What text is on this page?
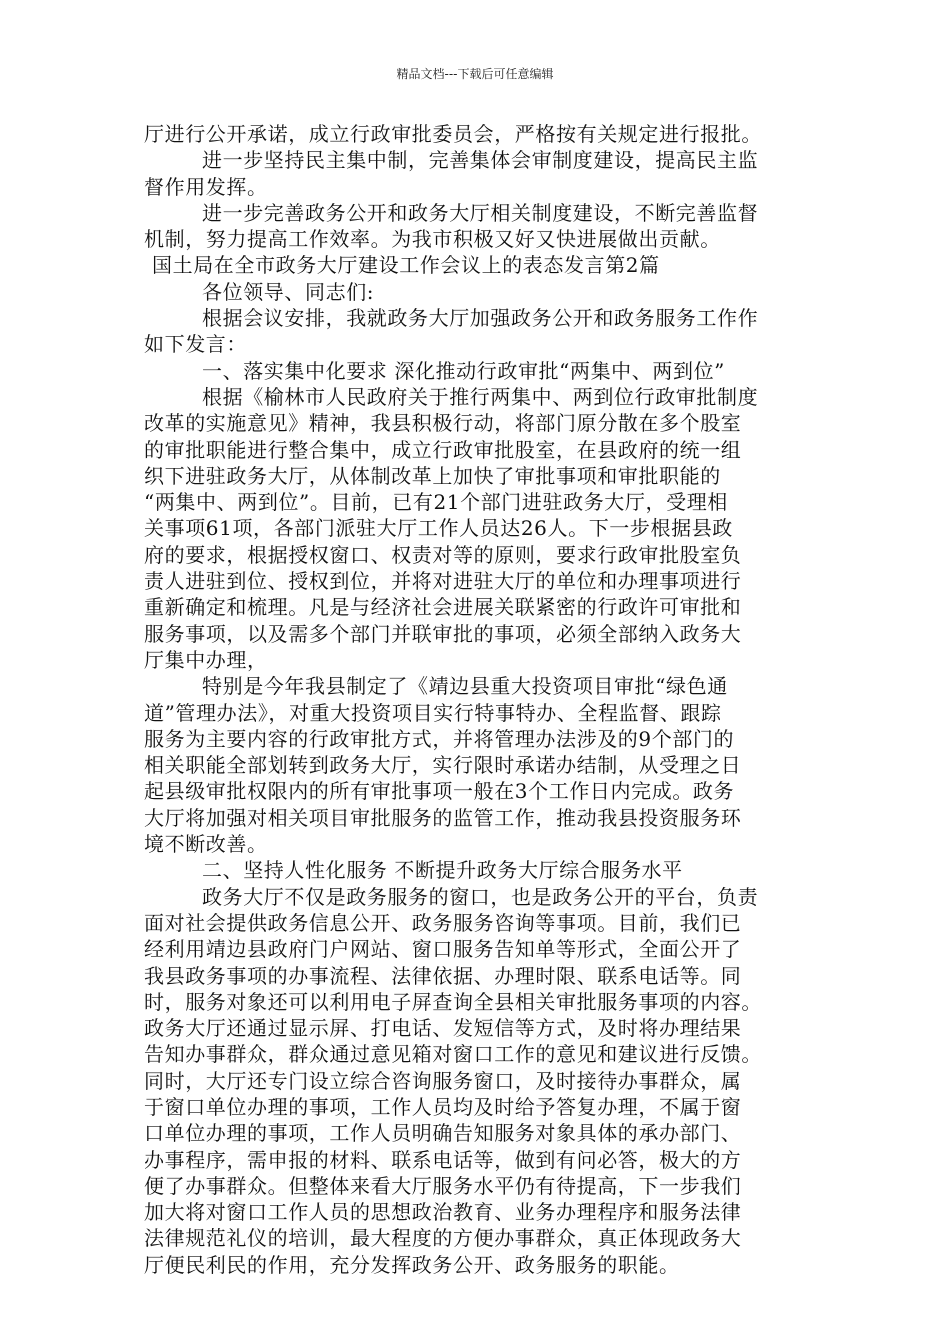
精品文档---下载后可任意编辑

厅进行公开承诺，成立行政审批委员会，严格按有关规定进行报批。

进一步坚持民主集中制，完善集体会审制度建设，提高民主监

督作用发挥。

进一步完善政务公开和政务大厅相关制度建设，不断完善监督

机制，努力提高工作效率。为我市积极又好又快进展做出贡献。

国土局在全市政务大厅建设工作会议上的表态发言第2篇

各位领导、同志们:

根据会议安排，我就政务大厅加强政务公开和政务服务工作作

如下发言：

一、落实集中化要求 深化推动行政审批“两集中、两到位”

根据《榆林市人民政府关于推行两集中、两到位行政审批制度

改革的实施意见》精神，我县积极行动，将部门原分散在多个股室

的审批职能进行整合集中，成立行政审批股室，在县政府的统一组

织下进驻政务大厅，从体制改革上加快了审批事项和审批职能的

“两集中、两到位”。目前，已有21个部门进驻政务大厅，受理相

关事项61项，各部门派驻大厅工作人员达26人。下一步根据县政

府的要求，根据授权窗口、权责对等的原则，要求行政审批股室负

责人进驻到位、授权到位，并将对进驻大厅的单位和办理事项进行

重新确定和梳理。凡是与经济社会进展关联紧密的行政许可审批和

服务事项，以及需多个部门并联审批的事项，必须全部纳入政务大

厅集中办理，

特别是今年我县制定了《靖边县重大投资项目审批“绿色通

道”管理办法》，对重大投资项目实行特事特办、全程监督、跟踪

服务为主要内容的行政审批方式，并将管理办法涉及的9个部门的

相关职能全部划转到政务大厅，实行限时承诺办结制，从受理之日

起县级审批权限内的所有审批事项一般在3个工作日内完成。政务

大厅将加强对相关项目审批服务的监管工作，推动我县投资服务环

境不断改善。

二、坚持人性化服务 不断提升政务大厅综合服务水平

政务大厅不仅是政务服务的窗口，也是政务公开的平台，负责

面对社会提供政务信息公开、政务服务咨询等事项。目前，我们已

经利用靖边县政府门户网站、窗口服务告知单等形式，全面公开了

我县政务事项的办事流程、法律依据、办理时限、联系电话等。同

时，服务对象还可以利用电子屏查询全县相关审批服务事项的内容。

政务大厅还通过显示屏、打电话、发短信等方式，及时将办理结果

告知办事群众，群众通过意见箱对窗口工作的意见和建议进行反馈。

同时，大厅还专门设立综合咨询服务窗口，及时接待办事群众，属

于窗口单位办理的事项，工作人员均及时给予答复办理，不属于窗

口单位办理的事项，工作人员明确告知服务对象具体的承办部门、

办事程序，需申报的材料、联系电话等，做到有问必答，极大的方

便了办事群众。但整体来看大厅服务水平仍有待提高，下一步我们

加大将对窗口工作人员的思想政治教育、业务办理程序和服务法律

法律规范礼仪的培训，最大程度的方便办事群众，真正体现政务大

厅便民利民的作用，充分发挥政务公开、政务服务的职能。
